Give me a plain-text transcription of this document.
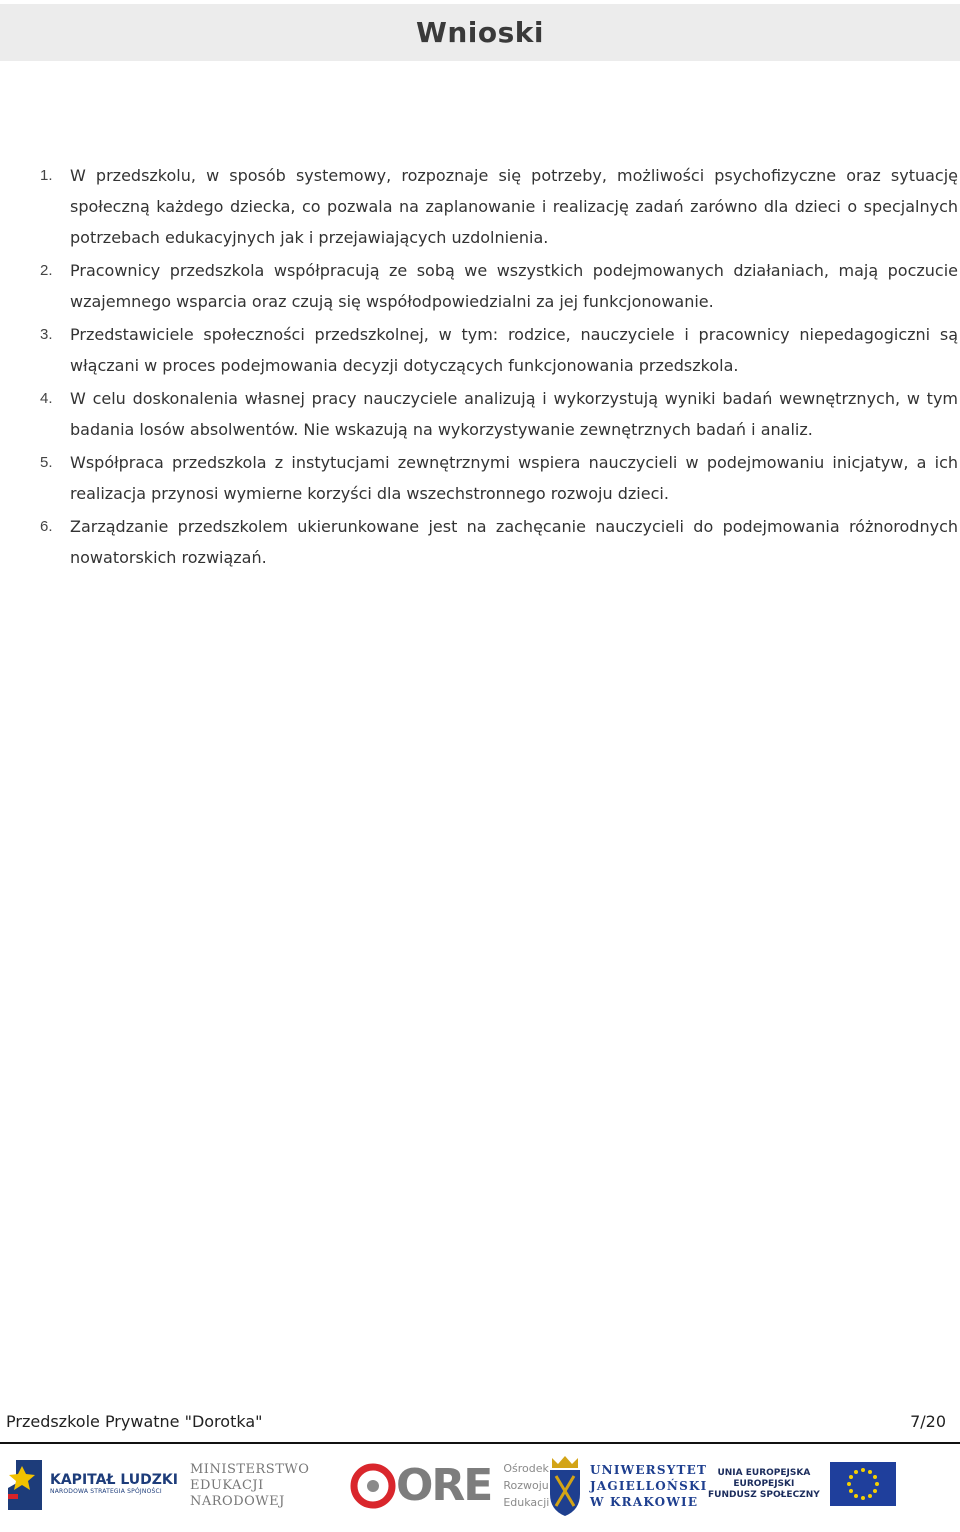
Wnioski
1.	W przedszkolu, w sposób systemowy, rozpoznaje się potrzeby, możliwości psychofizyczne oraz sytuację społeczną każdego dziecka, co pozwala na zaplanowanie i realizację zadań zarówno dla dzieci o specjalnych potrzebach edukacyjnych jak i przejawiających uzdolnienia.
2.	Pracownicy przedszkola współpracują ze sobą we wszystkich podejmowanych działaniach, mają poczucie wzajemnego wsparcia oraz czują się współodpowiedzialni za jej funkcjonowanie.
3.	Przedstawiciele społeczności przedszkolnej, w tym: rodzice, nauczyciele i pracownicy niepedagogiczni są włączani w proces podejmowania decyzji dotyczących funkcjonowania przedszkola.
4.	W celu doskonalenia własnej pracy nauczyciele analizują i wykorzystują wyniki badań wewnętrznych, w tym badania losów absolwentów. Nie wskazują na wykorzystywanie zewnętrznych badań i analiz.
5.	Współpraca przedszkola z instytucjami zewnętrznymi wspiera nauczycieli w podejmowaniu inicjatyw, a ich realizacja przynosi wymierne korzyści dla wszechstronnego rozwoju dzieci.
6.	Zarządzanie przedszkolem ukierunkowane jest na zachęcanie nauczycieli do podejmowania różnorodnych nowatorskich rozwiązań.
Przedszkole Prywatne "Dorotka"	7/20
KAPITAŁ LUDZKI
NARODOWA STRATEGIA SPÓJNOŚCI
MINISTERSTWO
EDUKACJI
NARODOWEJ	ORE Ośrodek
Rozwoju
Edukacji
UNIWERSYTET
JAGIELLOŃSKI
W KRAKOWIE
UNIA EUROPEJSKA
EUROPEJSKI
FUNDUSZ SPOŁECZNY
